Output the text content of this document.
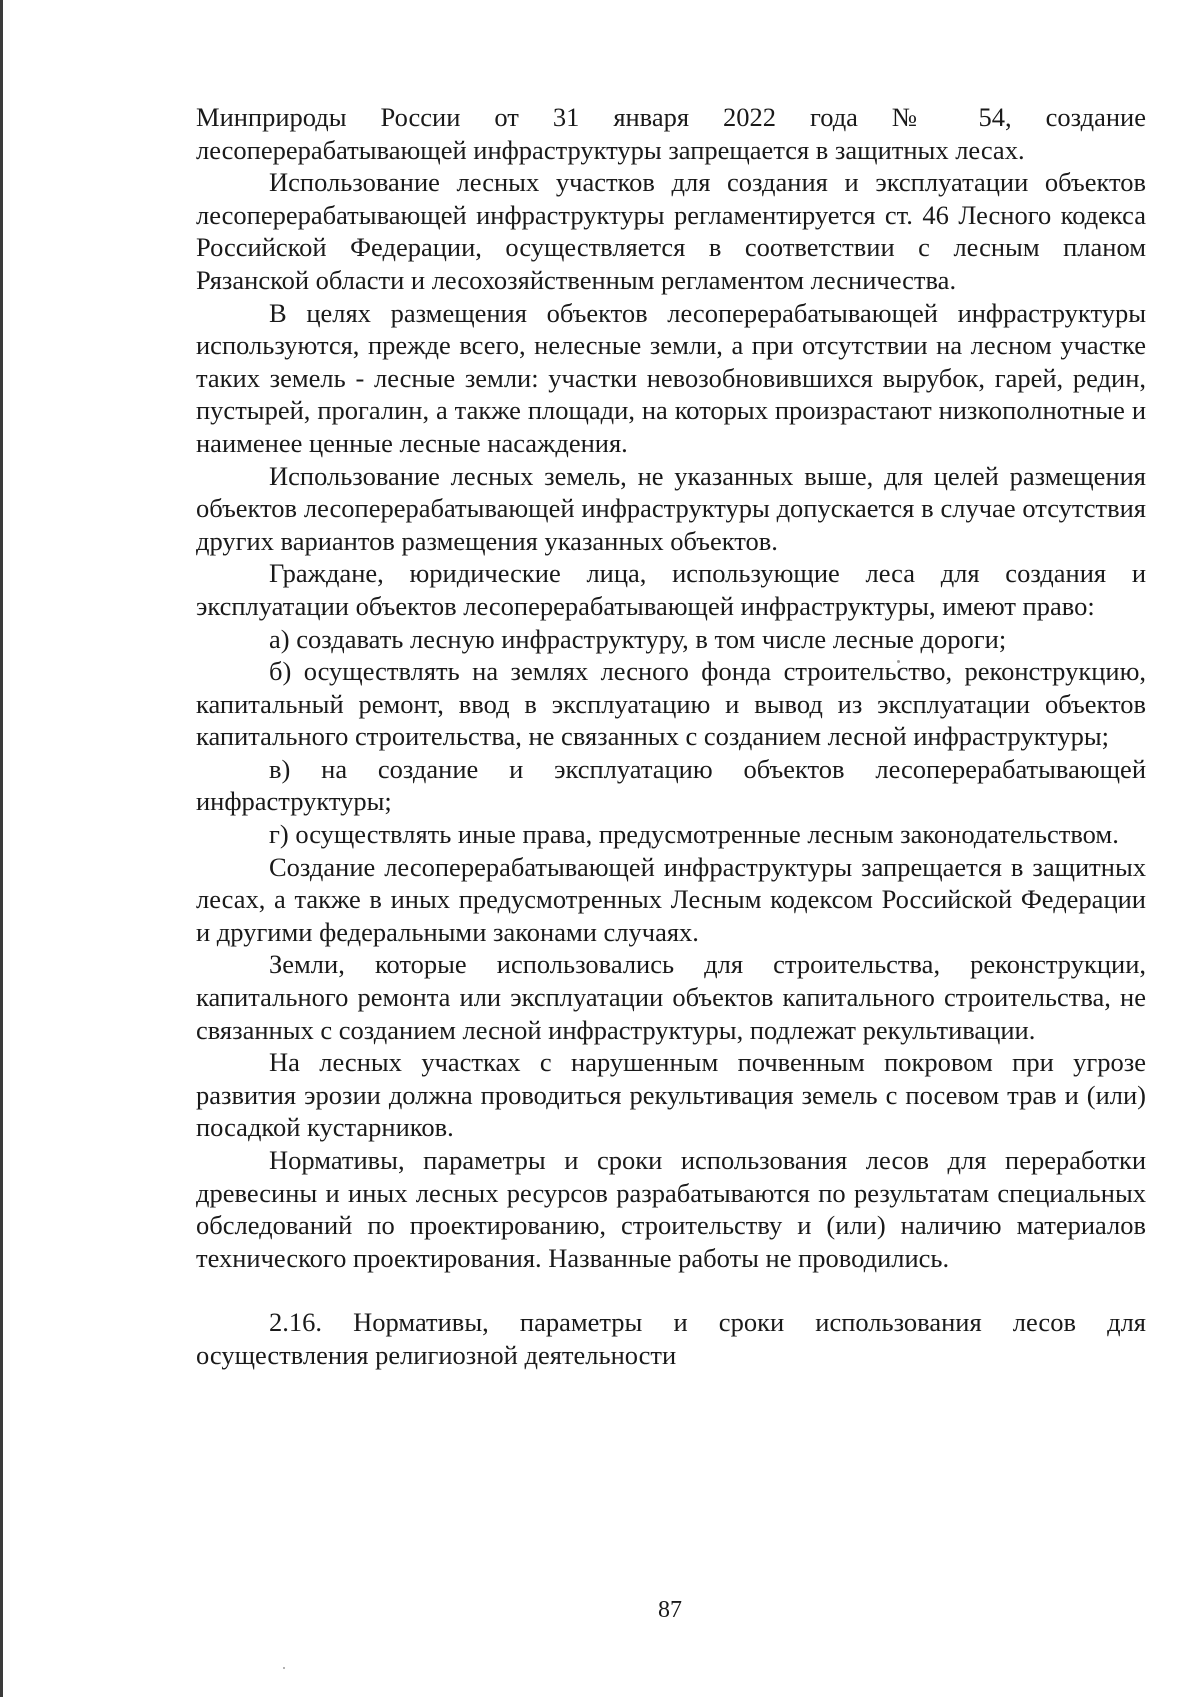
Минприроды России от 31 января 2022 года № 54, создание лесоперерабатывающей инфраструктуры запрещается в защитных лесах.

Использование лесных участков для создания и эксплуатации объектов лесоперерабатывающей инфраструктуры регламентируется ст. 46 Лесного кодекса Российской Федерации, осуществляется в соответствии с лесным планом Рязанской области и лесохозяйственным регламентом лесничества.

В целях размещения объектов лесоперерабатывающей инфраструктуры используются, прежде всего, нелесные земли, а при отсутствии на лесном участке таких земель - лесные земли: участки невозобновившихся вырубок, гарей, редин, пустырей, прогалин, а также площади, на которых произрастают низкополнотные и наименее ценные лесные насаждения.

Использование лесных земель, не указанных выше, для целей размещения объектов лесоперерабатывающей инфраструктуры допускается в случае отсутствия других вариантов размещения указанных объектов.

Граждане, юридические лица, использующие леса для создания и эксплуатации объектов лесоперерабатывающей инфраструктуры, имеют право:

а) создавать лесную инфраструктуру, в том числе лесные дороги;

б) осуществлять на землях лесного фонда строительство, реконструкцию, капитальный ремонт, ввод в эксплуатацию и вывод из эксплуатации объектов капитального строительства, не связанных с созданием лесной инфраструктуры;

в) на создание и эксплуатацию объектов лесоперерабатывающей инфраструктуры;

г) осуществлять иные права, предусмотренные лесным законодательством.

Создание лесоперерабатывающей инфраструктуры запрещается в защитных лесах, а также в иных предусмотренных Лесным кодексом Российской Федерации и другими федеральными законами случаях.

Земли, которые использовались для строительства, реконструкции, капитального ремонта или эксплуатации объектов капитального строительства, не связанных с созданием лесной инфраструктуры, подлежат рекультивации.

На лесных участках с нарушенным почвенным покровом при угрозе развития эрозии должна проводиться рекультивация земель с посевом трав и (или) посадкой кустарников.

Нормативы, параметры и сроки использования лесов для переработки древесины и иных лесных ресурсов разрабатываются по результатам специальных обследований по проектированию, строительству и (или) наличию материалов технического проектирования. Названные работы не проводились.

2.16. Нормативы, параметры и сроки использования лесов для осуществления религиозной деятельности

87
